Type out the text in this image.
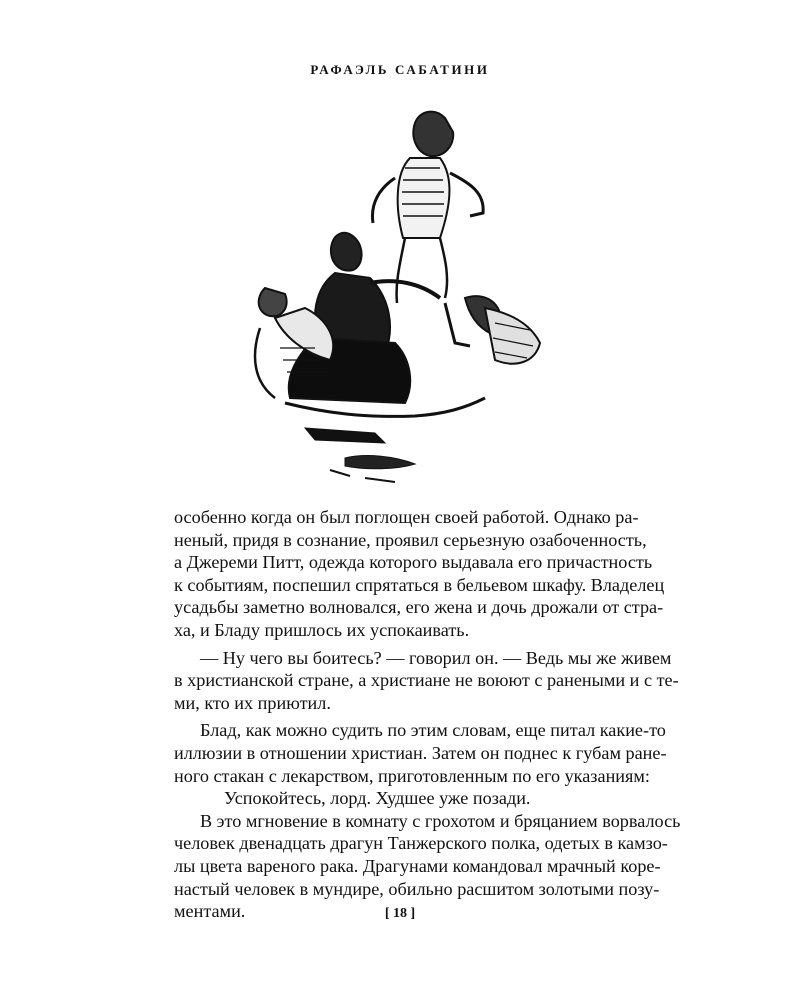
РАФАЭЛЬ САБАТИНИ
особенно когда он был поглощен своей работой. Однако ра-
неный, придя в сознание, проявил серьезную озабоченность,
а Джереми Питт, одежда которого выдавала его причастность
к событиям, поспешил спрятаться в бельевом шкафу. Владелец
усадьбы заметно волновался, его жена и дочь дрожали от стра-
ха, и Бладу пришлось их успокаивать.
— Ну чего вы боитесь? — говорил он. — Ведь мы же живем
в христианской стране, а христиане не воюют с ранеными и с те-
ми, кто их приютил.
Блад, как можно судить по этим словам, еще питал какие-то
иллюзии в отношении христиан. Затем он поднес к губам ране-
ного стакан с лекарством, приготовленным по его указаниям:
Успокойтесь, лорд. Худшее уже позади.
В это мгновение в комнату с грохотом и бряцанием ворвалось
человек двенадцать драгун Танжерского полка, одетых в камзо-
лы цвета вареного рака. Драгунами командовал мрачный коре-
настый человек в мундире, обильно расшитом золотыми позу-
ментами.	[ 18 ]
